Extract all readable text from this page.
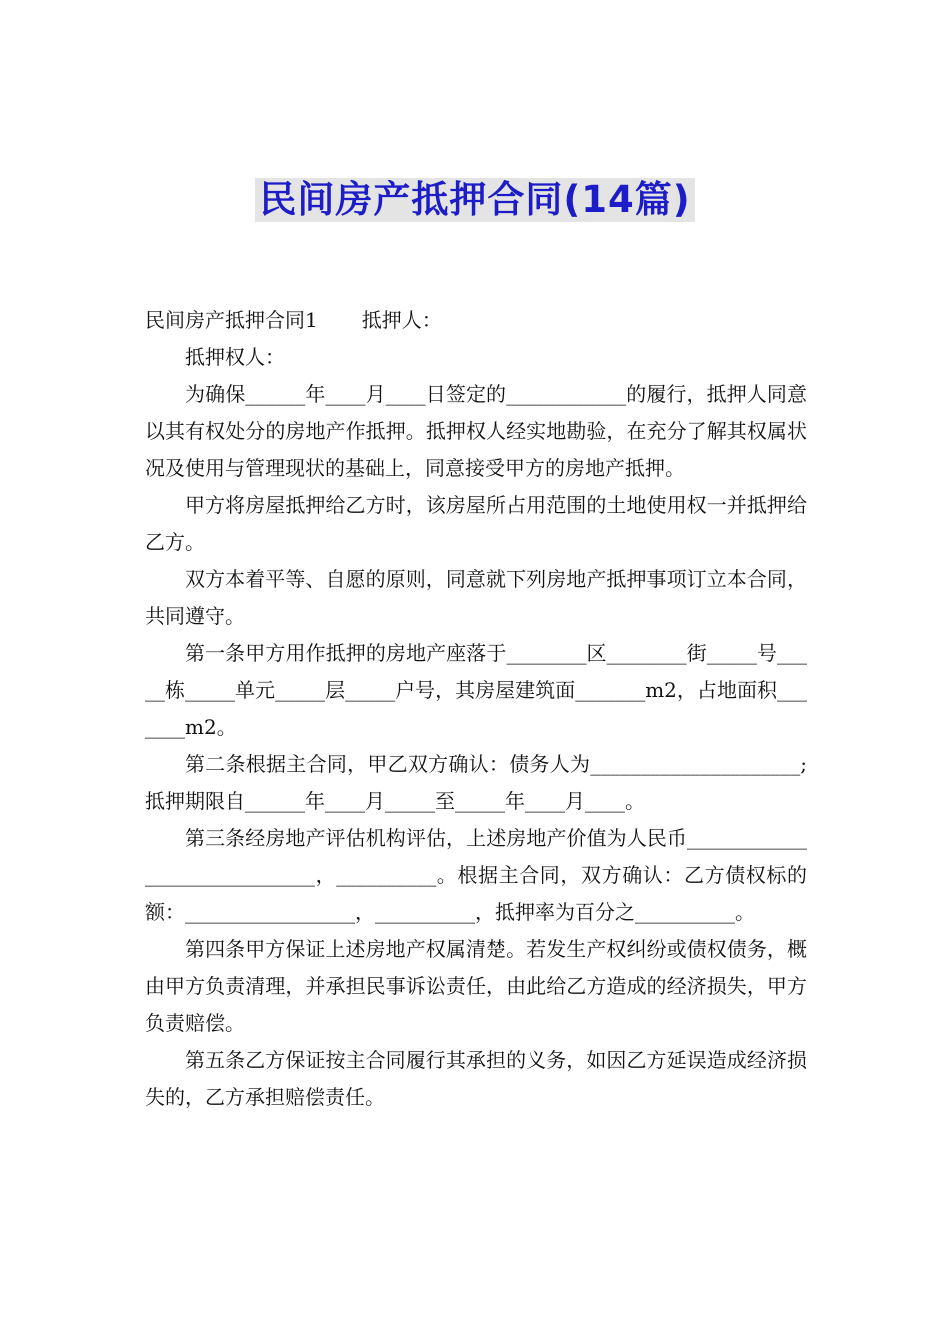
民间房产抵押合同(14篇)

民间房产抵押合同1 抵押人：

抵押权人：

为确保______年____月____日签定的____________的履行，抵押人同意以其有权处分的房地产作抵押。抵押权人经实地勘验，在充分了解其权属状况及使用与管理现状的基础上，同意接受甲方的房地产抵押。

甲方将房屋抵押给乙方时，该房屋所占用范围的土地使用权一并抵押给乙方。

双方本着平等、自愿的原则，同意就下列房地产抵押事项订立本合同，共同遵守。

第一条甲方用作抵押的房地产座落于________区________街_____号_____栋_____单元_____层_____户号，其房屋建筑面_______m2，占地面积_______m2。

第二条根据主合同，甲乙双方确认：债务人为_____________________;抵押期限自______年____月_____至_____年____月____。

第三条经房地产评估机构评估，上述房地产价值为人民币_____________________________，__________。根据主合同，双方确认：乙方债权标的额：_________________，__________，抵押率为百分之__________。

第四条甲方保证上述房地产权属清楚。若发生产权纠纷或债权债务，概由甲方负责清理，并承担民事诉讼责任，由此给乙方造成的经济损失，甲方负责赔偿。

第五条乙方保证按主合同履行其承担的义务，如因乙方延误造成经济损失的，乙方承担赔偿责任。
